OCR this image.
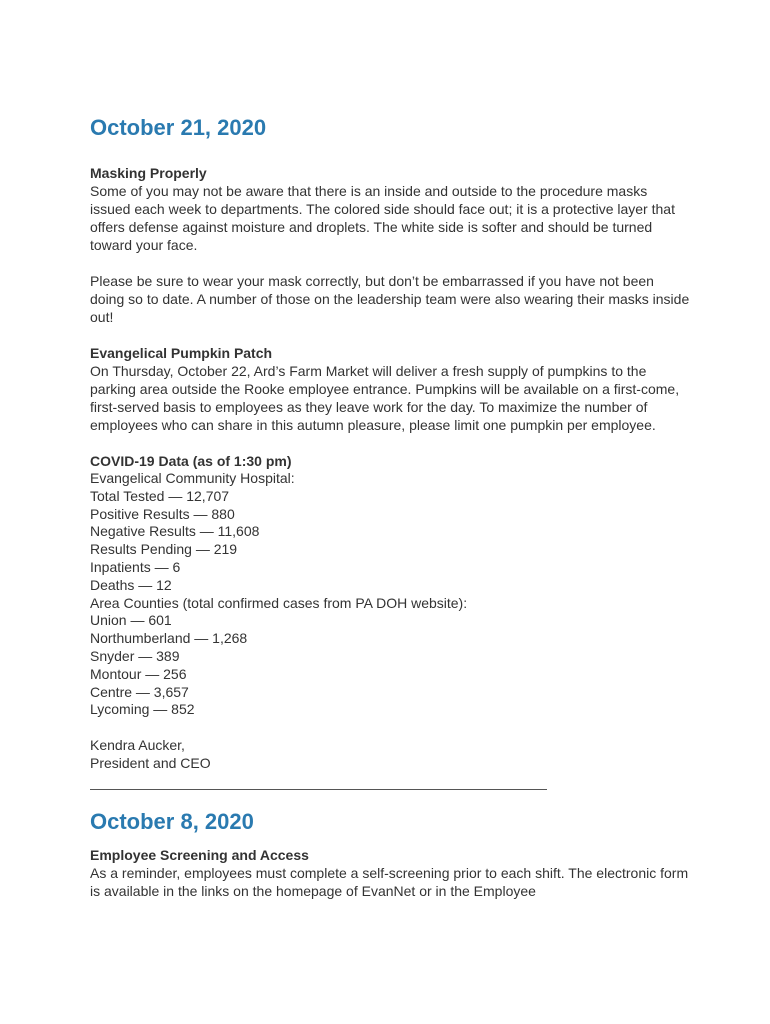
October 21, 2020
Masking Properly

Some of you may not be aware that there is an inside and outside to the procedure masks issued each week to departments. The colored side should face out; it is a protective layer that offers defense against moisture and droplets. The white side is softer and should be turned toward your face.

Please be sure to wear your mask correctly, but don’t be embarrassed if you have not been doing so to date. A number of those on the leadership team were also wearing their masks inside out!

Evangelical Pumpkin Patch

On Thursday, October 22, Ard’s Farm Market will deliver a fresh supply of pumpkins to the parking area outside the Rooke employee entrance. Pumpkins will be available on a first-come, first-served basis to employees as they leave work for the day. To maximize the number of employees who can share in this autumn pleasure, please limit one pumpkin per employee.

COVID-19 Data (as of 1:30 pm)
Evangelical Community Hospital:
Total Tested — 12,707
Positive Results — 880
Negative Results — 11,608
Results Pending — 219
Inpatients — 6
Deaths — 12
Area Counties (total confirmed cases from PA DOH website):
Union — 601
Northumberland — 1,268
Snyder — 389
Montour — 256
Centre — 3,657
Lycoming — 852
Kendra Aucker,
President and CEO
October 8, 2020
Employee Screening and Access

As a reminder, employees must complete a self-screening prior to each shift. The electronic form is available in the links on the homepage of EvanNet or in the Employee
